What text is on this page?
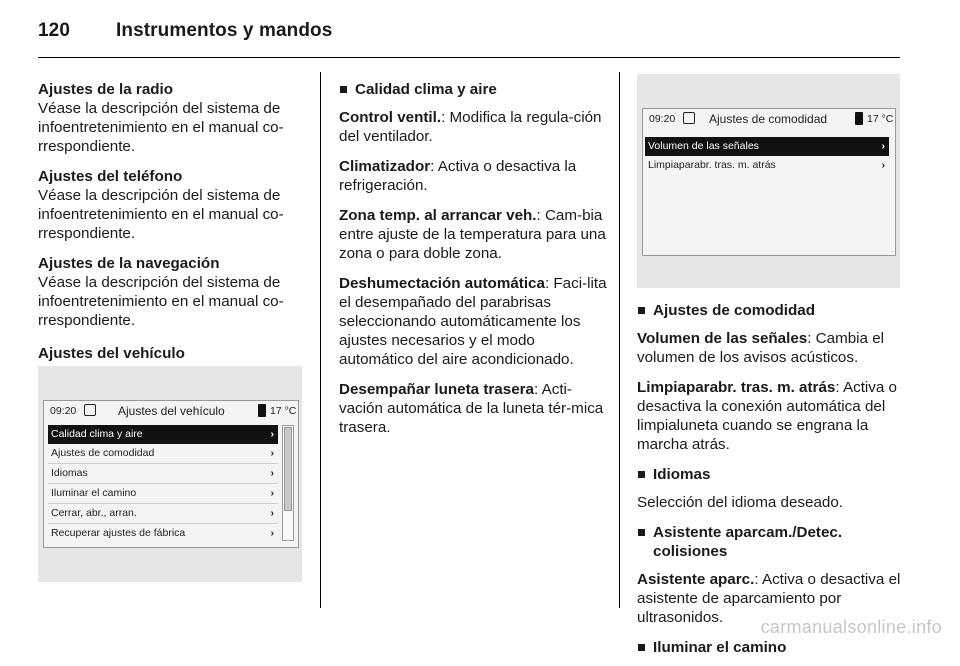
120 Instrumentos y mandos

Ajustes de la radio
Véase la descripción del sistema de infoentretenimiento en el manual co-rrespondiente.

Ajustes del teléfono
Véase la descripción del sistema de infoentretenimiento en el manual co-rrespondiente.

Ajustes de la navegación
Véase la descripción del sistema de infoentretenimiento en el manual co-rrespondiente.

Ajustes del vehículo

09:20	Ajustes del vehículo	17 °C
Calidad clima y aire	›
Ajustes de comodidad	›
Idiomas	›
Iluminar el camino	›
Cerrar, abr., arran.	›
Recuperar ajustes de fábrica	›
Calidad clima y aire

Control ventil.: Modifica la regula-ción del ventilador.

Climatizador: Activa o desactiva la refrigeración.

Zona temp. al arrancar veh.: Cam-bia entre ajuste de la temperatura para una zona o para doble zona.

Deshumectación automática: Faci-lita el desempañado del parabrisas seleccionando automáticamente los ajustes necesarios y el modo automático del aire acondicionado.

Desempañar luneta trasera: Acti-vación automática de la luneta tér-mica trasera.

09:20	Ajustes de comodidad	17 °C
Volumen de las señales	›
Limpiaparabr. tras. m. atrás	›
Ajustes de comodidad

Volumen de las señales: Cambia el volumen de los avisos acústicos.

Limpiaparabr. tras. m. atrás: Activa o desactiva la conexión automática del limpialuneta cuando se engrana la marcha atrás.

Idiomas

Selección del idioma deseado.

Asistente aparcam./Detec. colisiones

Asistente aparc.: Activa o desactiva el asistente de aparcamiento por ultrasonidos.

Iluminar el camino
carmanualsonline.info
